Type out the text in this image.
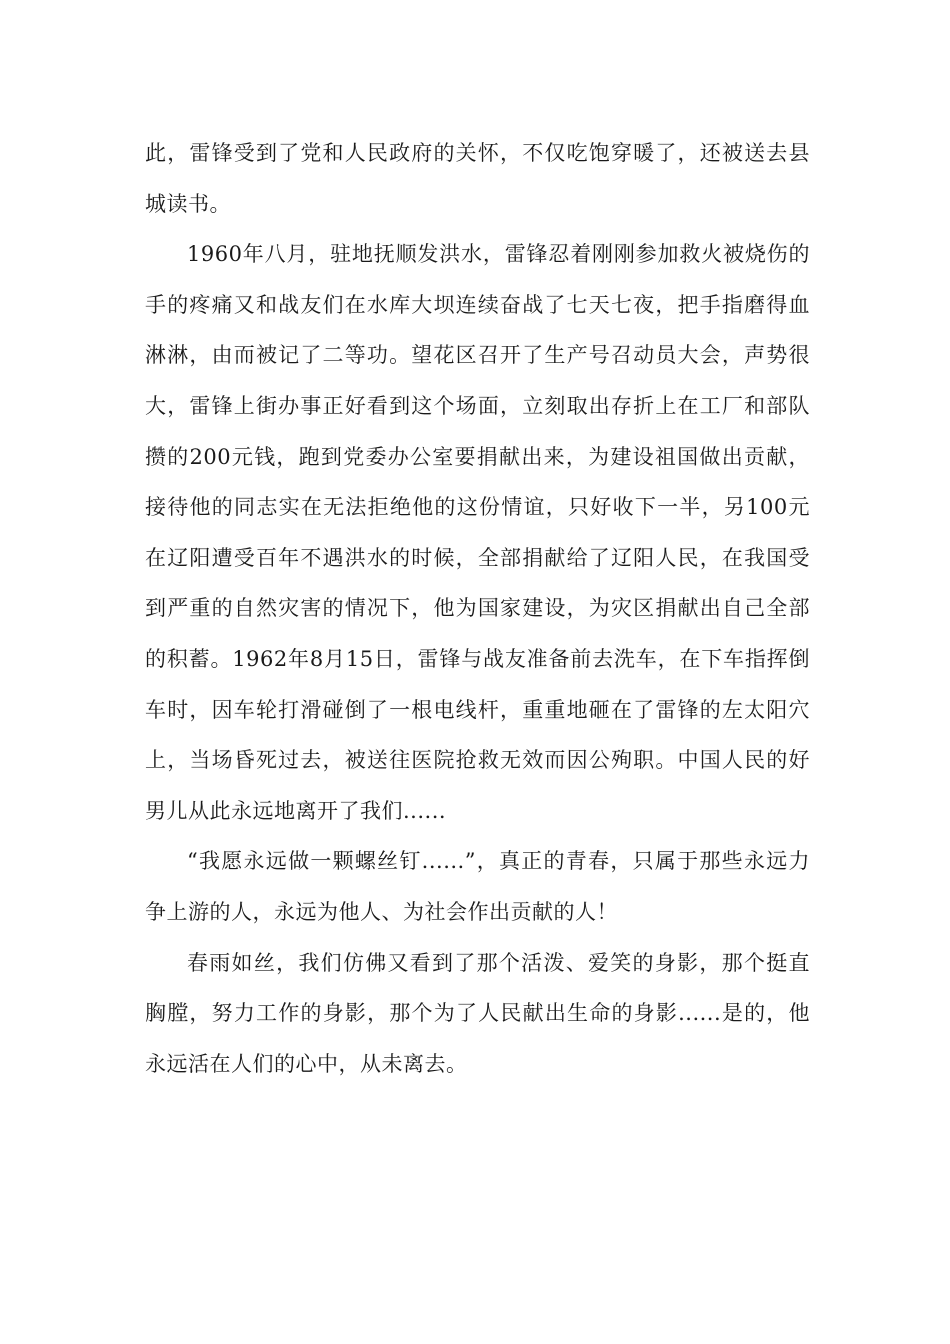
此，雷锋受到了党和人民政府的关怀，不仅吃饱穿暖了，还被送去县城读书。

1960年八月，驻地抚顺发洪水，雷锋忍着刚刚参加救火被烧伤的手的疼痛又和战友们在水库大坝连续奋战了七天七夜，把手指磨得血淋淋，由而被记了二等功。望花区召开了生产号召动员大会，声势很大，雷锋上街办事正好看到这个场面，立刻取出存折上在工厂和部队攒的200元钱，跑到党委办公室要捐献出来，为建设祖国做出贡献，接待他的同志实在无法拒绝他的这份情谊，只好收下一半，另100元在辽阳遭受百年不遇洪水的时候，全部捐献给了辽阳人民，在我国受到严重的自然灾害的情况下，他为国家建设，为灾区捐献出自己全部的积蓄。1962年8月15日，雷锋与战友准备前去洗车，在下车指挥倒车时，因车轮打滑碰倒了一根电线杆，重重地砸在了雷锋的左太阳穴上，当场昏死过去，被送往医院抢救无效而因公殉职。中国人民的好男儿从此永远地离开了我们......

“我愿永远做一颗螺丝钉......”，真正的青春，只属于那些永远力争上游的人，永远为他人、为社会作出贡献的人！

春雨如丝，我们仿佛又看到了那个活泼、爱笑的身影，那个挺直胸膛，努力工作的身影，那个为了人民献出生命的身影......是的，他永远活在人们的心中，从未离去。
